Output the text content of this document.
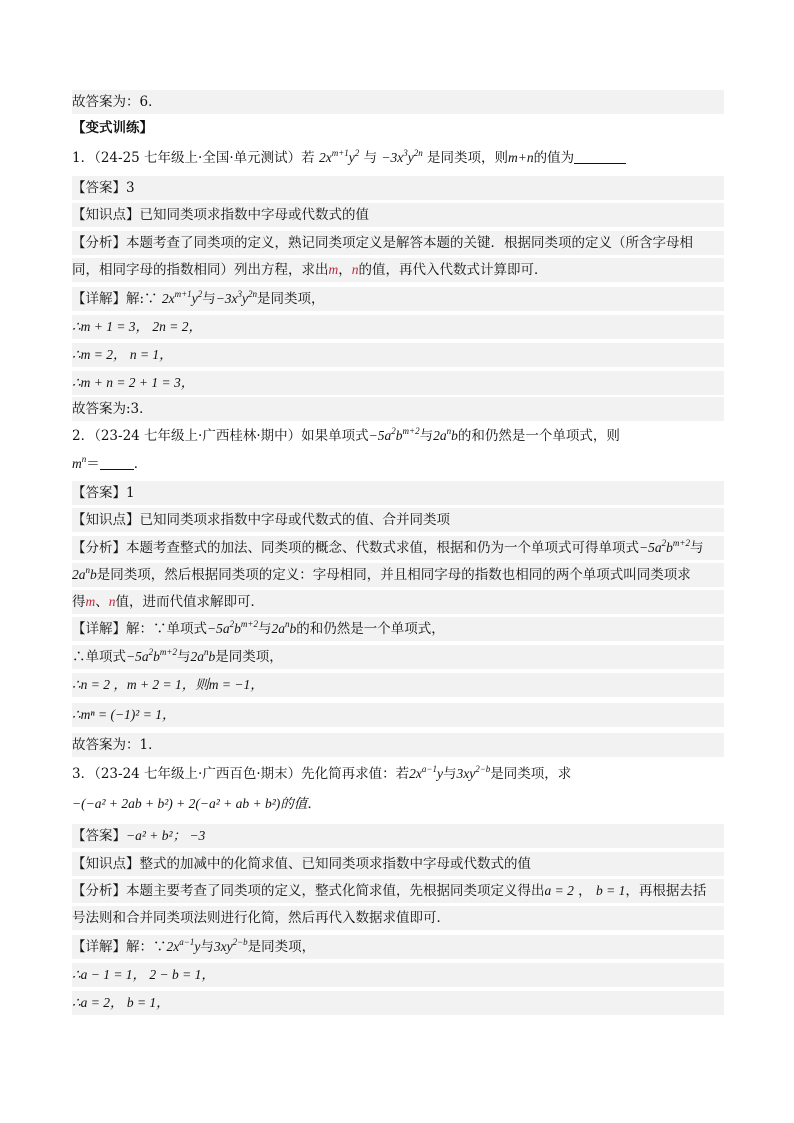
故答案为：6．
【变式训练】
1．（24-25 七年级上·全国·单元测试）若 $2x^{m+1}y^2$ 与 $-3x^3y^{2n}$ 是同类项，则m+n的值为
【答案】3
【知识点】已知同类项求指数中字母或代数式的值
【分析】本题考查了同类项的定义，熟记同类项定义是解答本题的关键．根据同类项的定义（所含字母相
同，相同字母的指数相同）列出方程，求出m，n的值，再代入代数式计算即可．
【详解】解:∵ $2x^{m+1}y^2$与$-3x^3y^{2n}$是同类项，
∴m + 1 = 3， 2n = 2，
∴m = 2， n = 1，
∴m + n = 2 + 1 = 3，
故答案为:3．
2．（23-24 七年级上·广西桂林·期中）如果单项式$-5a^2b^{m+2}$与$2a^nb$的和仍然是一个单项式，则
$m^n=$	．
【答案】1
【知识点】已知同类项求指数中字母或代数式的值、合并同类项
【分析】本题考查整式的加法、同类项的概念、代数式求值，根据和仍为一个单项式可得单项式$-5a^2b^{m+2}$与
$2a^nb$是同类项，然后根据同类项的定义：字母相同，并且相同字母的指数也相同的两个单项式叫同类项求
得m、n值，进而代值求解即可．
【详解】解：∵单项式$-5a^2b^{m+2}$与$2a^nb$的和仍然是一个单项式，
∴单项式$-5a^2b^{m+2}$与$2a^nb$是同类项，
∴n = 2 ，m + 2 = 1，则m = −1，
∴mⁿ = (−1)² = 1，
故答案为：1．
3．（23-24 七年级上·广西百色·期末）先化简再求值：若$2x^{a-1}y$与$3xy^{2-b}$是同类项，求
−(−a² + 2ab + b²) + 2(−a² + ab + b²)的值．
【答案】−a² + b²； −3
【知识点】整式的加减中的化简求值、已知同类项求指数中字母或代数式的值
【分析】本题主要考查了同类项的定义，整式化简求值，先根据同类项定义得出a = 2 ， b = 1，再根据去括
号法则和合并同类项法则进行化简，然后再代入数据求值即可．
【详解】解：$\because 2x^{a-1}y$与$3xy^{2-b}$是同类项，
∴a − 1 = 1， 2 − b = 1，
∴a = 2， b = 1，
